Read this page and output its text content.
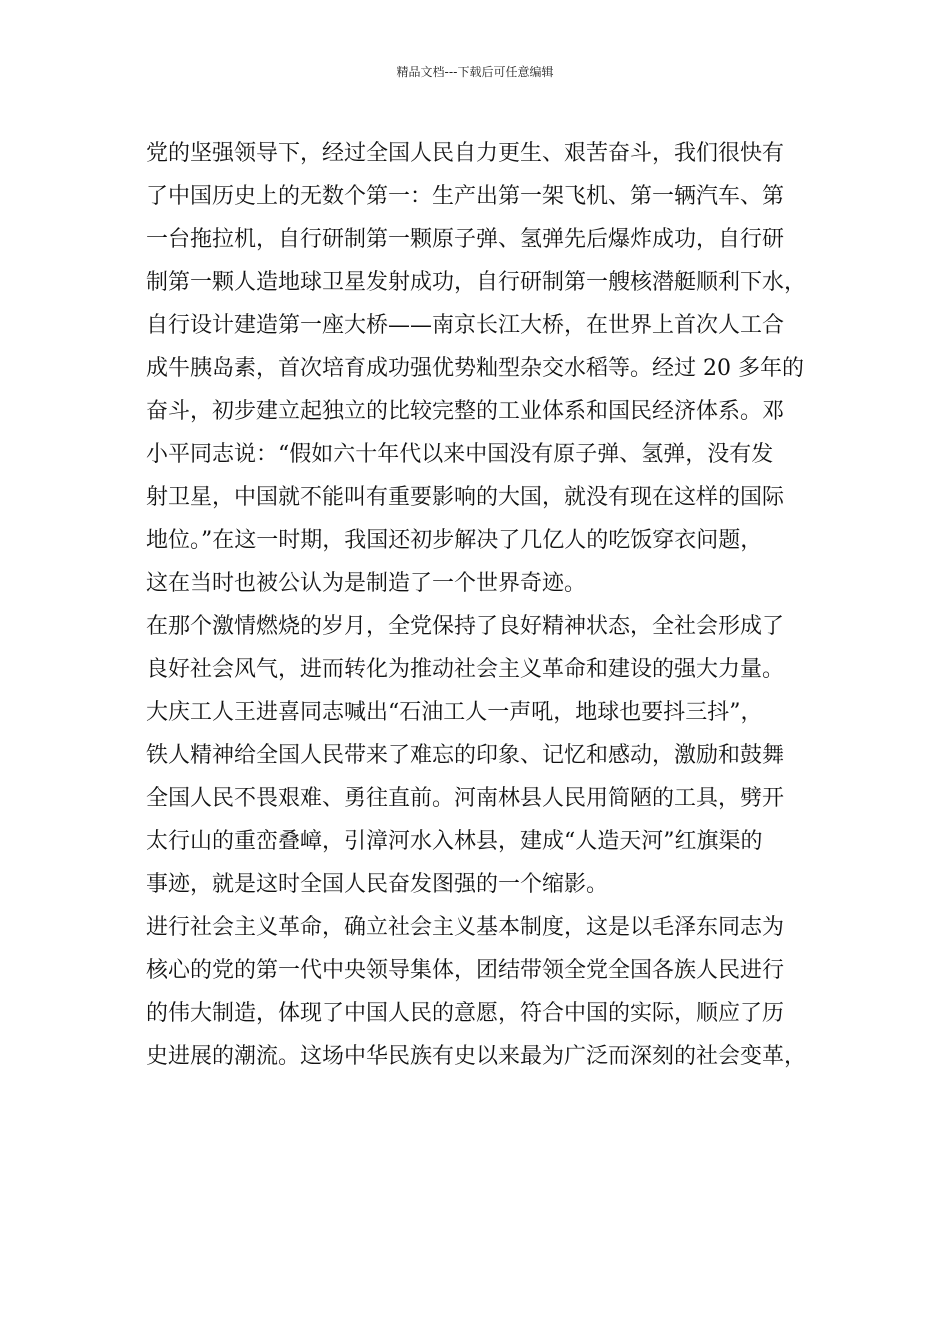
精品文档---下载后可任意编辑
党的坚强领导下，经过全国人民自力更生、艰苦奋斗，我们很快有
了中国历史上的无数个第一：生产出第一架飞机、第一辆汽车、第
一台拖拉机，自行研制第一颗原子弹、氢弹先后爆炸成功，自行研
制第一颗人造地球卫星发射成功，自行研制第一艘核潜艇顺利下水，
自行设计建造第一座大桥——南京长江大桥，在世界上首次人工合
成牛胰岛素，首次培育成功强优势籼型杂交水稻等。经过 20 多年的
奋斗，初步建立起独立的比较完整的工业体系和国民经济体系。邓
小平同志说：“假如六十年代以来中国没有原子弹、氢弹，没有发
射卫星，中国就不能叫有重要影响的大国，就没有现在这样的国际
地位。”在这一时期，我国还初步解决了几亿人的吃饭穿衣问题，
这在当时也被公认为是制造了一个世界奇迹。
在那个激情燃烧的岁月，全党保持了良好精神状态，全社会形成了
良好社会风气，进而转化为推动社会主义革命和建设的强大力量。
大庆工人王进喜同志喊出“石油工人一声吼，地球也要抖三抖”，
铁人精神给全国人民带来了难忘的印象、记忆和感动，激励和鼓舞
全国人民不畏艰难、勇往直前。河南林县人民用简陋的工具，劈开
太行山的重峦叠嶂，引漳河水入林县，建成“人造天河”红旗渠的
事迹，就是这时全国人民奋发图强的一个缩影。
进行社会主义革命，确立社会主义基本制度，这是以毛泽东同志为
核心的党的第一代中央领导集体，团结带领全党全国各族人民进行
的伟大制造，体现了中国人民的意愿，符合中国的实际，顺应了历
史进展的潮流。这场中华民族有史以来最为广泛而深刻的社会变革，
